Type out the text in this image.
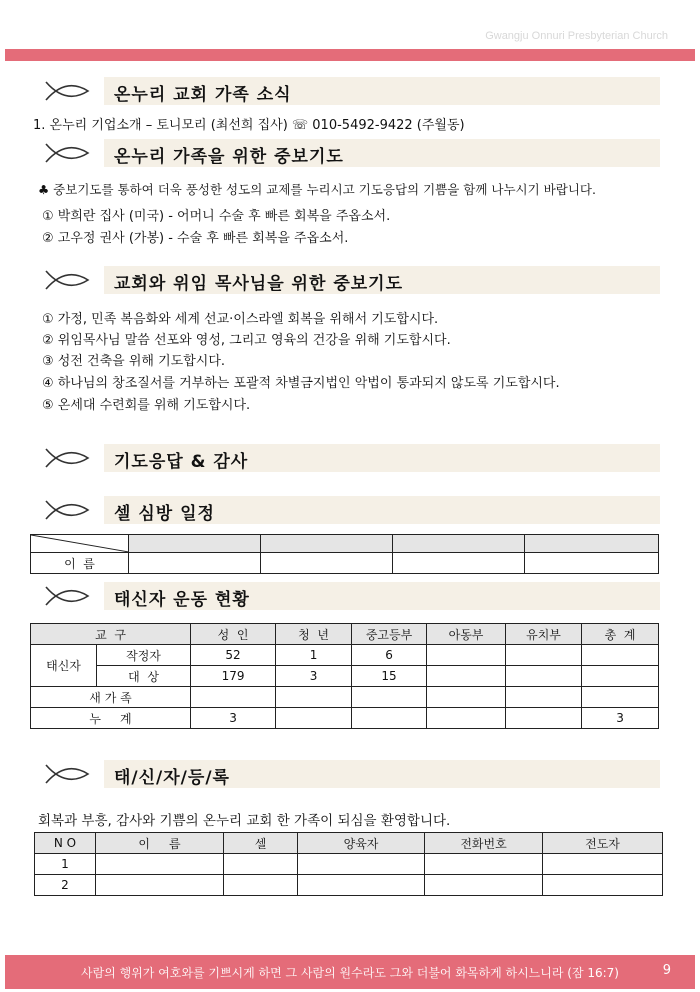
Gwangju Onnuri Presbyterian Church
온누리 교회 가족 소식
1. 온누리 기업소개 – 토니모리 (최선희 집사) ☏ 010-5492-9422 (주월동)
온누리 가족을 위한 중보기도
♣ 중보기도를 통하여 더욱 풍성한 성도의 교제를 누리시고 기도응답의 기쁨을 함께 나누시기 바랍니다.
① 박희란 집사 (미국) - 어머니 수술 후 빠른 회복을 주옵소서.
② 고우정 권사 (가봉) - 수술 후 빠른 회복을 주옵소서.
교회와 위임 목사님을 위한 중보기도
① 가정, 민족 복음화와 세계 선교·이스라엘 회복을 위해서 기도합시다.
② 위임목사님 말씀 선포와 영성, 그리고 영육의 건강을 위해 기도합시다.
③ 성전 건축을 위해 기도합시다.
④ 하나님의 창조질서를 거부하는 포괄적 차별금지법인 악법이 통과되지 않도록 기도합시다.
⑤ 온세대 수련회를 위해 기도합시다.
기도응답 & 감사
셀 심방 일정

이  름				
태신자 운동 현황
교  구		성  인	청  년	중고등부	아동부	유치부	총  계
태신자	작정자	52	1	6			
	대  상	179	3	15			
새 가 족							
누     계		3					3
태/신/자/등/록
회복과 부흥, 감사와 기쁨의 온누리 교회 한 가족이 되심을 환영합니다.
N O	이     름	셀	양육자	전화번호	전도자
1					
2					
사람의 행위가 여호와를 기쁘시게 하면 그 사람의 원수라도 그와 더불어 화목하게 하시느니라 (잠 16:7)	9
